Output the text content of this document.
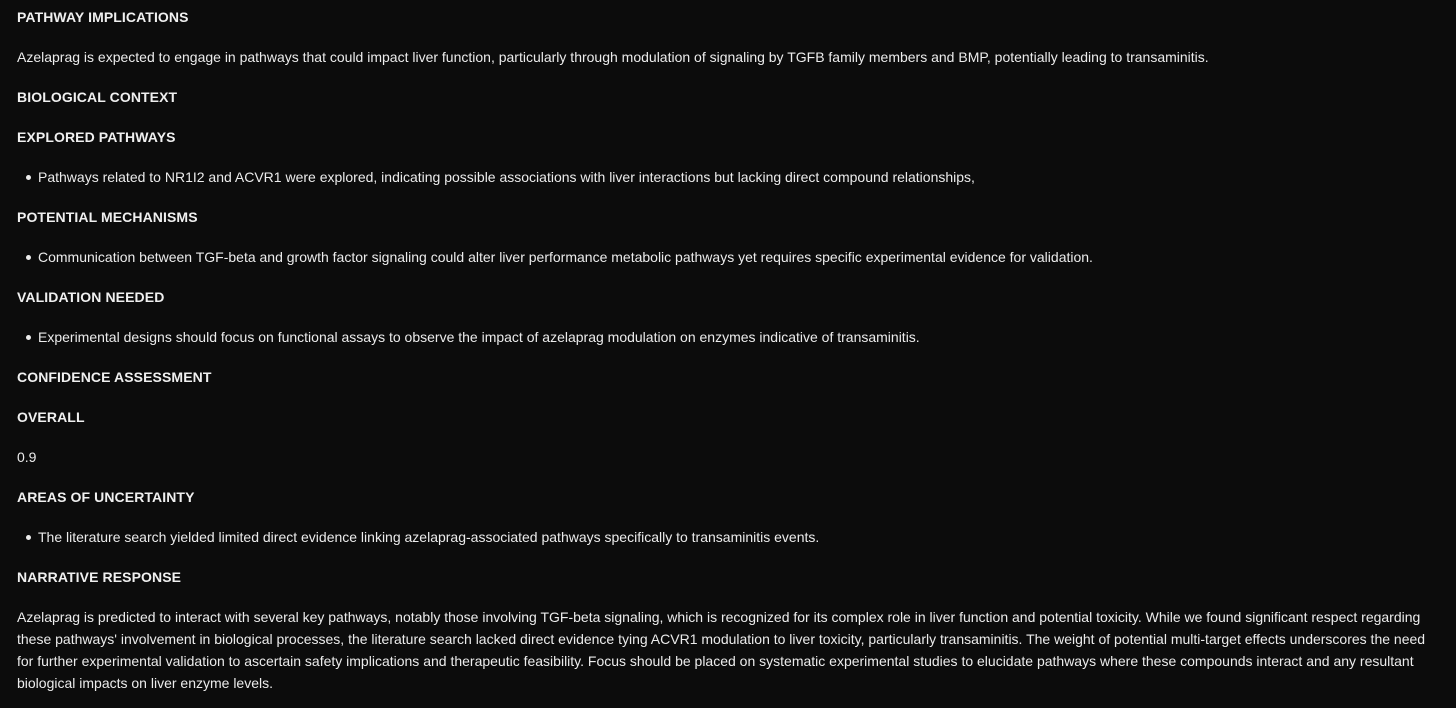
PATHWAY IMPLICATIONS

Azelaprag is expected to engage in pathways that could impact liver function, particularly through modulation of signaling by TGFB family members and BMP, potentially leading to transaminitis.

BIOLOGICAL CONTEXT
EXPLORED PATHWAYS
Pathways related to NR1I2 and ACVR1 were explored, indicating possible associations with liver interactions but lacking direct compound relationships,
POTENTIAL MECHANISMS
Communication between TGF-beta and growth factor signaling could alter liver performance metabolic pathways yet requires specific experimental evidence for validation.
VALIDATION NEEDED
Experimental designs should focus on functional assays to observe the impact of azelaprag modulation on enzymes indicative of transaminitis.
CONFIDENCE ASSESSMENT
OVERALL

0.9

AREAS OF UNCERTAINTY
The literature search yielded limited direct evidence linking azelaprag-associated pathways specifically to transaminitis events.
NARRATIVE RESPONSE

Azelaprag is predicted to interact with several key pathways, notably those involving TGF-beta signaling, which is recognized for its complex role in liver function and potential toxicity. While we found significant respect regarding these pathways' involvement in biological processes, the literature search lacked direct evidence tying ACVR1 modulation to liver toxicity, particularly transaminitis. The weight of potential multi-target effects underscores the need for further experimental validation to ascertain safety implications and therapeutic feasibility. Focus should be placed on systematic experimental studies to elucidate pathways where these compounds interact and any resultant biological impacts on liver enzyme levels.
